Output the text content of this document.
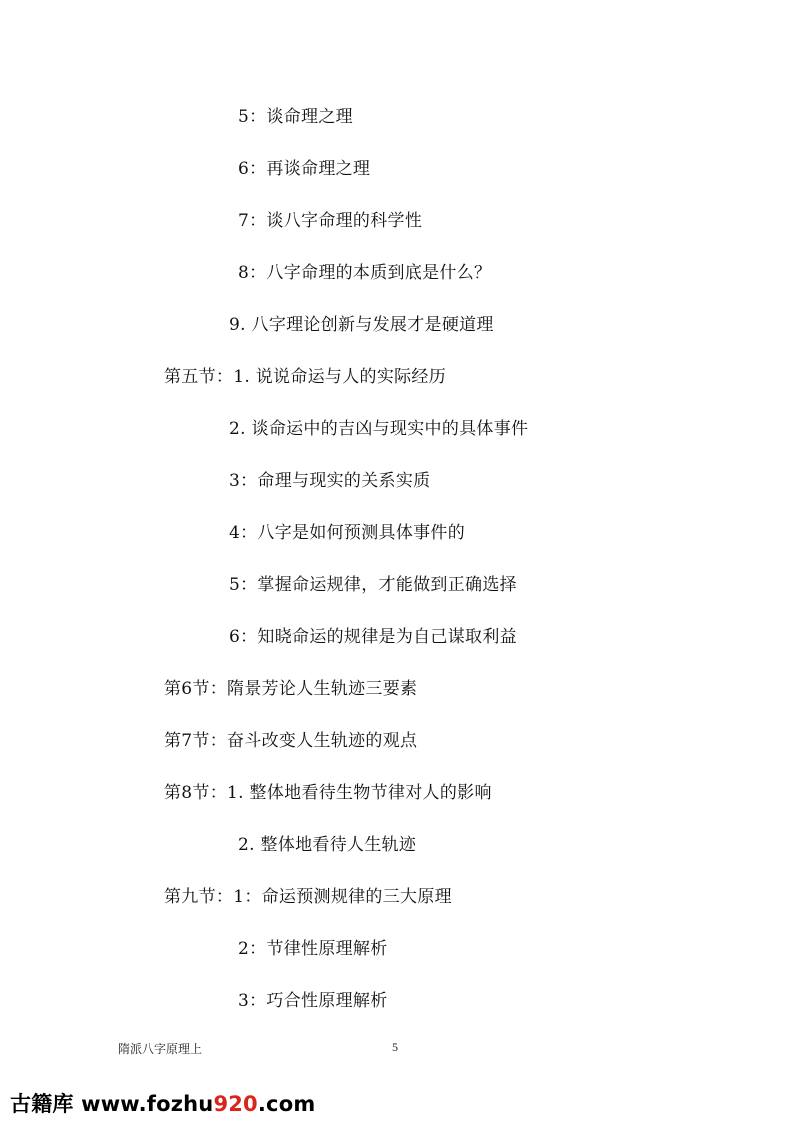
5：谈命理之理
6：再谈命理之理
7：谈八字命理的科学性
8：八字命理的本质到底是什么？
9. 八字理论创新与发展才是硬道理
第五节：1. 说说命运与人的实际经历
2. 谈命运中的吉凶与现实中的具体事件
3：命理与现实的关系实质
4：八字是如何预测具体事件的
5：掌握命运规律，才能做到正确选择
6：知晓命运的规律是为自己谋取利益
第6节：隋景芳论人生轨迹三要素
第7节：奋斗改变人生轨迹的观点
第8节：1. 整体地看待生物节律对人的影响
2. 整体地看待人生轨迹
第九节：1：命运预测规律的三大原理
2：节律性原理解析
3：巧合性原理解析
隋派八字原理上	5
古籍库 www.fozhu920.com
